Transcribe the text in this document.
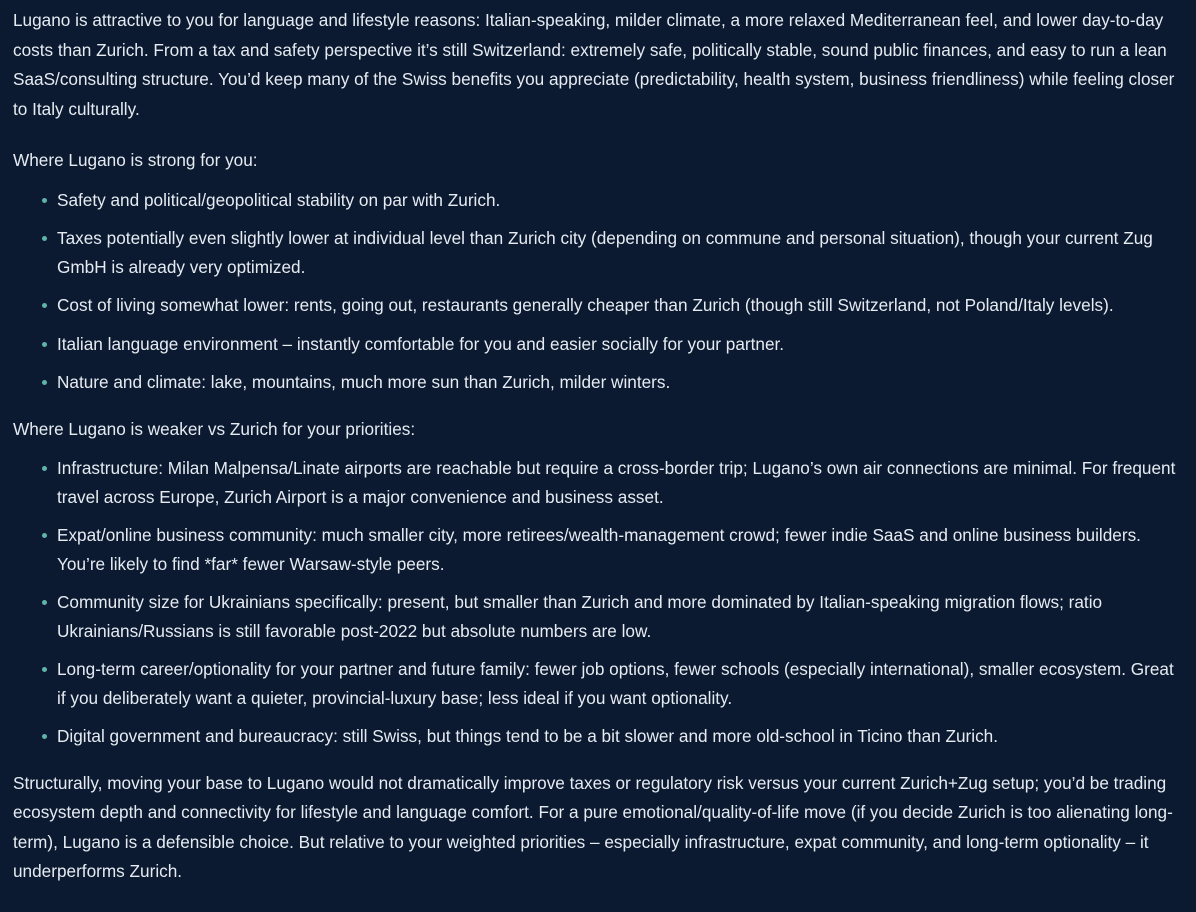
Lugano is attractive to you for language and lifestyle reasons: Italian-speaking, milder climate, a more relaxed Mediterranean feel, and lower day-to-day costs than Zurich. From a tax and safety perspective it’s still Switzerland: extremely safe, politically stable, sound public finances, and easy to run a lean SaaS/consulting structure. You’d keep many of the Swiss benefits you appreciate (predictability, health system, business friendliness) while feeling closer to Italy culturally.

Where Lugano is strong for you:

Safety and political/geopolitical stability on par with Zurich.
Taxes potentially even slightly lower at individual level than Zurich city (depending on commune and personal situation), though your current Zug GmbH is already very optimized.
Cost of living somewhat lower: rents, going out, restaurants generally cheaper than Zurich (though still Switzerland, not Poland/Italy levels).
Italian language environment – instantly comfortable for you and easier socially for your partner.
Nature and climate: lake, mountains, much more sun than Zurich, milder winters.

Where Lugano is weaker vs Zurich for your priorities:

Infrastructure: Milan Malpensa/Linate airports are reachable but require a cross-border trip; Lugano’s own air connections are minimal. For frequent travel across Europe, Zurich Airport is a major convenience and business asset.
Expat/online business community: much smaller city, more retirees/wealth-management crowd; fewer indie SaaS and online business builders. You’re likely to find *far* fewer Warsaw-style peers.
Community size for Ukrainians specifically: present, but smaller than Zurich and more dominated by Italian-speaking migration flows; ratio Ukrainians/Russians is still favorable post-2022 but absolute numbers are low.
Long-term career/optionality for your partner and future family: fewer job options, fewer schools (especially international), smaller ecosystem. Great if you deliberately want a quieter, provincial-luxury base; less ideal if you want optionality.
Digital government and bureaucracy: still Swiss, but things tend to be a bit slower and more old-school in Ticino than Zurich.

Structurally, moving your base to Lugano would not dramatically improve taxes or regulatory risk versus your current Zurich+Zug setup; you’d be trading ecosystem depth and connectivity for lifestyle and language comfort. For a pure emotional/quality-of-life move (if you decide Zurich is too alienating long-term), Lugano is a defensible choice. But relative to your weighted priorities – especially infrastructure, expat community, and long-term optionality – it underperforms Zurich.
